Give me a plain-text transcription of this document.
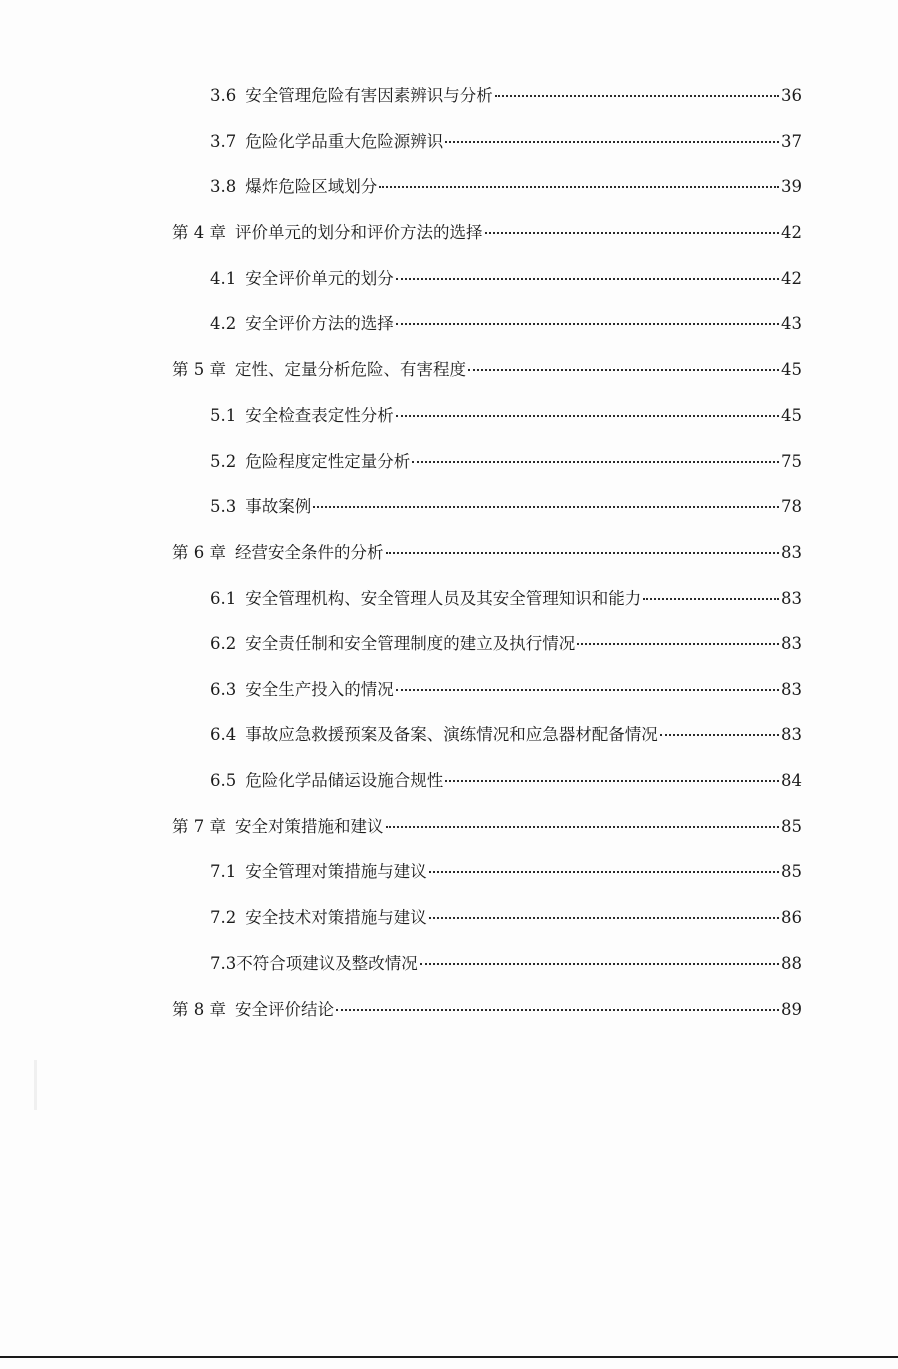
3.6 安全管理危险有害因素辨识与分析	36
3.7 危险化学品重大危险源辨识	37
3.8 爆炸危险区域划分	39
第 4 章 评价单元的划分和评价方法的选择	42
4.1 安全评价单元的划分	42
4.2 安全评价方法的选择	43
第 5 章 定性、定量分析危险、有害程度	45
5.1 安全检查表定性分析	45
5.2 危险程度定性定量分析	75
5.3 事故案例	78
第 6 章 经营安全条件的分析	83
6.1 安全管理机构、安全管理人员及其安全管理知识和能力	83
6.2 安全责任制和安全管理制度的建立及执行情况	83
6.3 安全生产投入的情况	83
6.4 事故应急救援预案及备案、演练情况和应急器材配备情况	83
6.5 危险化学品储运设施合规性	84
第 7 章 安全对策措施和建议	85
7.1 安全管理对策措施与建议	85
7.2 安全技术对策措施与建议	86
7.3 不符合项建议及整改情况	88
第 8 章 安全评价结论	89
